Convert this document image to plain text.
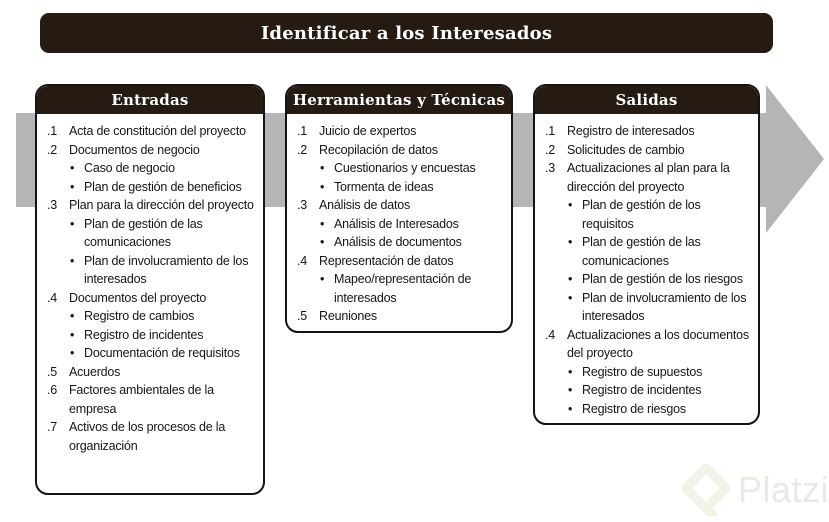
Identificar a los Interesados
Entradas
.1 Acta de constitución del proyecto
.2 Documentos de negocio
• Caso de negocio
• Plan de gestión de beneficios
.3 Plan para la dirección del proyecto
• Plan de gestión de las comunicaciones
• Plan de involucramiento de los interesados
.4 Documentos del proyecto
• Registro de cambios
• Registro de incidentes
• Documentación de requisitos
.5 Acuerdos
.6 Factores ambientales de la empresa
.7 Activos de los procesos de la organización
Herramientas y Técnicas
.1 Juicio de expertos
.2 Recopilación de datos
• Cuestionarios y encuestas
• Tormenta de ideas
.3 Análisis de datos
• Análisis de Interesados
• Análisis de documentos
.4 Representación de datos
• Mapeo/representación de interesados
.5 Reuniones
Salidas
.1 Registro de interesados
.2 Solicitudes de cambio
.3 Actualizaciones al plan para la dirección del proyecto
• Plan de gestión de los requisitos
• Plan de gestión de las comunicaciones
• Plan de gestión de los riesgos
• Plan de involucramiento de los interesados
.4 Actualizaciones a los documentos del proyecto
• Registro de supuestos
• Registro de incidentes
• Registro de riesgos
Platzi
